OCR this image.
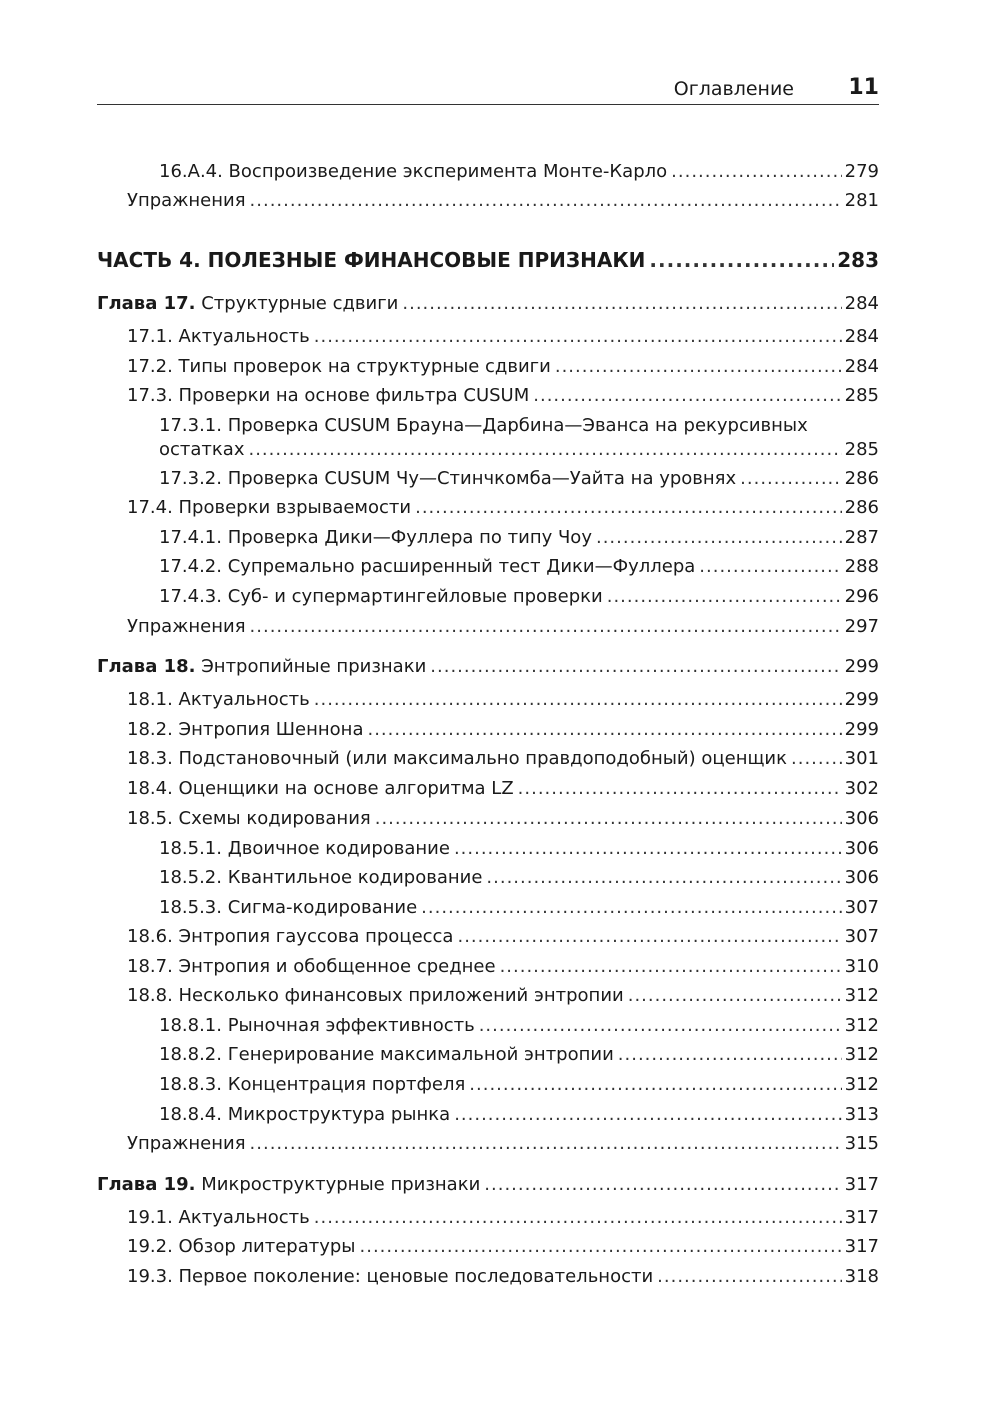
Оглавление 11
16.А.4. Воспроизведение эксперимента Монте-Карло .....	279
Упражнения .....	281
ЧАСТЬ 4. ПОЛЕЗНЫЕ ФИНАНСОВЫЕ ПРИЗНАКИ .....	283
Глава 17. Структурные сдвиги .....	284
17.1. Актуальность .....	284
17.2. Типы проверок на структурные сдвиги .....	284
17.3. Проверки на основе фильтра CUSUM .....	285
17.3.1. Проверка CUSUM Брауна—Дарбина—Эванса на рекурсивных
остатках .....	285
17.3.2. Проверка CUSUM Чу—Стинчкомба—Уайта на уровнях .....	286
17.4. Проверки взрываемости .....	286
17.4.1. Проверка Дики—Фуллера по типу Чоу .....	287
17.4.2. Супремально расширенный тест Дики—Фуллера .....	288
17.4.3. Суб- и супермартингейловые проверки .....	296
Упражнения .....	297
Глава 18. Энтропийные признаки .....	299
18.1. Актуальность .....	299
18.2. Энтропия Шеннона .....	299
18.3. Подстановочный (или максимально правдоподобный) оценщик .....	301
18.4. Оценщики на основе алгоритма LZ .....	302
18.5. Схемы кодирования .....	306
18.5.1. Двоичное кодирование .....	306
18.5.2. Квантильное кодирование .....	306
18.5.3. Сигма-кодирование .....	307
18.6. Энтропия гауссова процесса .....	307
18.7. Энтропия и обобщенное среднее .....	310
18.8. Несколько финансовых приложений энтропии .....	312
18.8.1. Рыночная эффективность .....	312
18.8.2. Генерирование максимальной энтропии .....	312
18.8.3. Концентрация портфеля .....	312
18.8.4. Микроструктура рынка .....	313
Упражнения .....	315
Глава 19. Микроструктурные признаки .....	317
19.1. Актуальность .....	317
19.2. Обзор литературы .....	317
19.3. Первое поколение: ценовые последовательности .....	318
